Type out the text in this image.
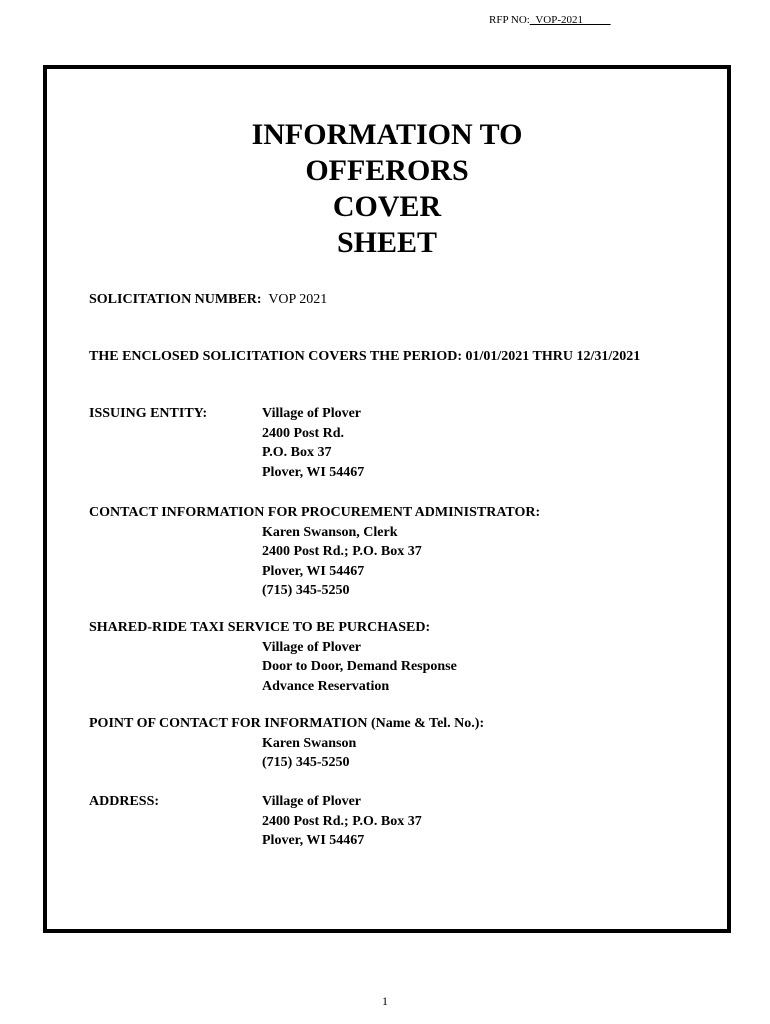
RFP NO:_VOP-2021_____
INFORMATION TO
OFFERORS
COVER
SHEET
SOLICITATION NUMBER: VOP 2021
THE ENCLOSED SOLICITATION COVERS THE PERIOD: 01/01/2021 THRU 12/31/2021
ISSUING ENTITY:	Village of Plover
2400 Post Rd.
P.O. Box 37
Plover, WI 54467
CONTACT INFORMATION FOR PROCUREMENT ADMINISTRATOR:
Karen Swanson, Clerk
2400 Post Rd.; P.O. Box 37
Plover, WI 54467
(715) 345-5250
SHARED-RIDE TAXI SERVICE TO BE PURCHASED:
Village of Plover
Door to Door, Demand Response
Advance Reservation
POINT OF CONTACT FOR INFORMATION (Name & Tel. No.):
Karen Swanson
(715) 345-5250
ADDRESS:	Village of Plover
2400 Post Rd.; P.O. Box 37
Plover, WI 54467
1
